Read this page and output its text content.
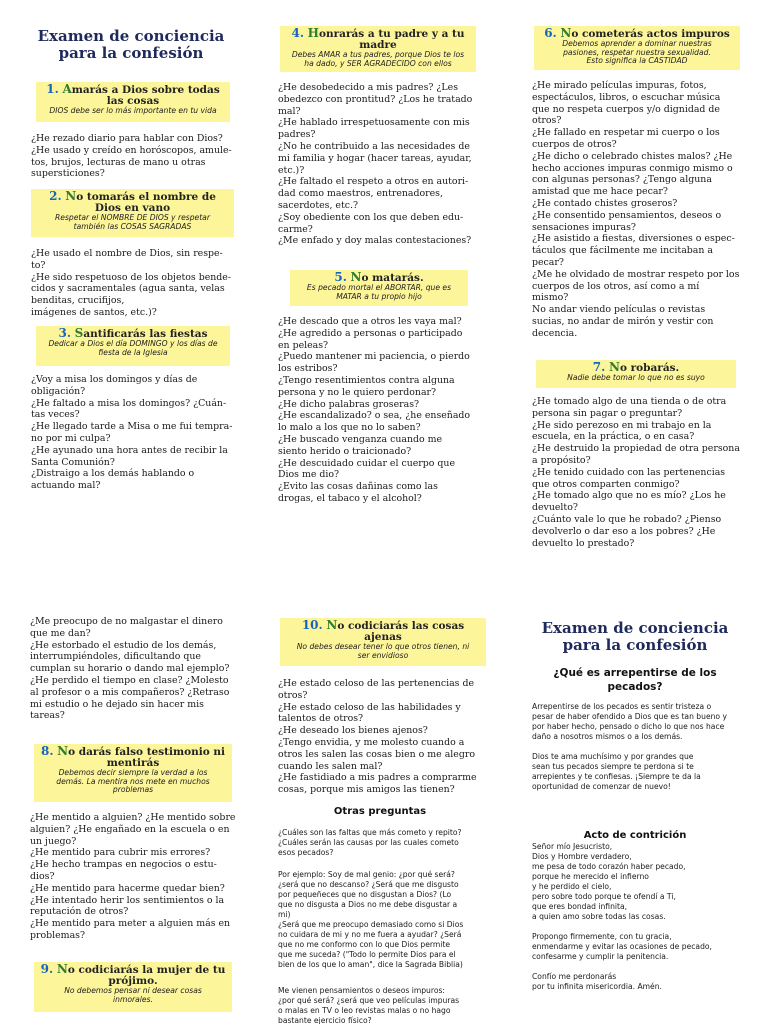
Examen de conciencia
para la confesión
1. Amarás a Dios sobre todas las cosas
DIOS debe ser lo más importante en tu vida
¿He rezado diario para hablar con Dios?
¿He usado y creído en horóscopos, amule-
tos, brujos, lecturas de mano u otras
supersticiones?
2. No tomarás el nombre de Dios en vano
Respetar el NOMBRE DE DIOS y respetar
también las COSAS SAGRADAS
¿He usado el nombre de Dios, sin respe-
to?
¿He sido respetuoso de los objetos bende-
cidos y sacramentales (agua santa, velas
benditas, crucifijos,
imágenes de santos, etc.)?
3. Santificarás las fiestas
Dedicar a Dios el día DOMINGO y los días de
fiesta de la Iglesia
¿Voy a misa los domingos y días de
obligación?
¿He faltado a misa los domingos? ¿Cuán-
tas veces?
¿He llegado tarde a Misa o me fui tempra-
no por mi culpa?
¿He ayunado una hora antes de recibir la
Santa Comunión?
¿Distraigo a los demás hablando o
actuando mal?
4. Honrarás a tu padre y a tu madre
Debes AMAR a tus padres, porque Dios te los
ha dado, y SER AGRADECIDO con ellos
¿He desobedecido a mis padres? ¿Les
obedezco con prontitud? ¿Los he tratado
mal?
¿He hablado irrespetuosamente con mis
padres?
¿No he contribuido a las necesidades de
mi familia y hogar (hacer tareas, ayudar,
etc.)?
¿He faltado el respeto a otros en autori-
dad como maestros, entrenadores,
sacerdotes, etc.?
¿Soy obediente con los que deben edu-
carme?
¿Me enfado y doy malas contestaciones?
5. No matarás.
Es pecado mortal el ABORTAR, que es
MATAR a tu propio hijo
¿He descado que a otros les vaya mal?
¿He agredido a personas o participado
en peleas?
¿Puedo mantener mi paciencia, o pierdo
los estribos?
¿Tengo resentimientos contra alguna
persona y no le quiero perdonar?
¿He dicho palabras groseras?
¿He escandalizado? o sea, ¿he enseñado
lo malo a los que no lo saben?
¿He buscado venganza cuando me
siento herido o traicionado?
¿He descuidado cuidar el cuerpo que
Dios me dio?
¿Evito las cosas dañinas como las
drogas, el tabaco y el alcohol?
6. No cometerás actos impuros
Debemos aprender a dominar nuestras
pasiones, respetar nuestra sexualidad.
Esto significa la CASTIDAD
¿He mirado películas impuras, fotos,
espectáculos, libros, o escuchar música
que no respeta cuerpos y/o dignidad de
otros?
¿He fallado en respetar mi cuerpo o los
cuerpos de otros?
¿He dicho o celebrado chistes malos? ¿He
hecho acciones impuras conmigo mismo o
con algunas personas? ¿Tengo alguna
amistad que me hace pecar?
¿He contado chistes groseros?
¿He consentido pensamientos, deseos o
sensaciones impuras?
¿He asistido a fiestas, diversiones o espec-
táculos que fácilmente me incitaban a
pecar?
¿Me he olvidado de mostrar respeto por los
cuerpos de los otros, así como a mí
mismo?
No andar viendo películas o revistas
sucias, no andar de mirón y vestir con
decencia.
7. No robarás.
Nadie debe tomar lo que no es suyo
¿He tomado algo de una tienda o de otra
persona sin pagar o preguntar?
¿He sido perezoso en mi trabajo en la
escuela, en la práctica, o en casa?
¿He destruido la propiedad de otra persona
a propósito?
¿He tenido cuidado con las pertenencias
que otros comparten conmigo?
¿He tomado algo que no es mío? ¿Los he
devuelto?
¿Cuánto vale lo que he robado? ¿Pienso
devolverlo o dar eso a los pobres? ¿He
devuelto lo prestado?
¿Me preocupo de no malgastar el dinero
que me dan?
¿He estorbado el estudio de los demás,
interrumpiéndoles, dificultando que
cumplan su horario o dando mal ejemplo?
¿He perdido el tiempo en clase? ¿Molesto
al profesor o a mis compañeros? ¿Retraso
mi estudio o he dejado sin hacer mis
tareas?
8. No darás falso testimonio ni mentirás
Debemos decir siempre la verdad a los
demás. La mentira nos mete en muchos
problemas
¿He mentido a alguien? ¿He mentido sobre
alguien? ¿He engañado en la escuela o en
un juego?
¿He mentido para cubrir mis errores?
¿He hecho trampas en negocios o estu-
dios?
¿He mentido para hacerme quedar bien?
¿He intentado herir los sentimientos o la
reputación de otros?
¿He mentido para meter a alguien más en
problemas?
9. No codiciarás la mujer de tu prójimo.
No debemos pensar ni desear cosas
inmorales.
10. No codiciarás las cosas ajenas
No debes desear tener lo que otros tienen, ni
ser envidioso
¿He estado celoso de las pertenencias de
otros?
¿He estado celoso de las habilidades y
talentos de otros?
¿He deseado los bienes ajenos?
¿Tengo envidia, y me molesto cuando a
otros les salen las cosas bien o me alegro
cuando les salen mal?
¿He fastidiado a mis padres a comprarme
cosas, porque mis amigos las tienen?
Otras preguntas
¿Cuáles son las faltas que más cometo y repito?
¿Cuáles serán las causas por las cuales cometo
esos pecados?
Por ejemplo: Soy de mal genio: ¿por qué será?
¿será que no descanso? ¿Será que me disgusto
por pequeñeces que no disgustan a Dios? (Lo
que no disgusta a Dios no me debe disgustar a
mi)
¿Será que me preocupo demasiado como si Dios
no cuidara de mi y no me fuera a ayudar? ¿Será
que no me conformo con lo que Dios permite
que me suceda? ("Todo lo permite Dios para el
bien de los que lo aman", dice la Sagrada Biblia)
Me vienen pensamientos o deseos impuros:
¿por qué será? ¿será que veo películas impuras
o malas en TV o leo revistas malas o no hago
bastante ejercicio físico?
Examen de conciencia
para la confesión
¿Qué es arrepentirse de los
pecados?
Arrepentirse de los pecados es sentir tristeza o
pesar de haber ofendido a Dios que es tan bueno y
por haber hecho, pensado o dicho lo que nos hace
daño a nosotros mismos o a los demás.
Dios te ama muchísimo y por grandes que
sean tus pecados siempre te perdona si te
arrepientes y te confiesas. ¡Siempre te da la
oportunidad de comenzar de nuevo!
Acto de contrición
Señor mío Jesucristo,
Dios y Hombre verdadero,
me pesa de todo corazón haber pecado,
porque he merecido el infierno
y he perdido el cielo,
pero sobre todo porque te ofendí a Ti,
que eres bondad infinita,
a quien amo sobre todas las cosas.
Propongo firmemente, con tu gracia,
enmendarme y evitar las ocasiones de pecado,
confesarme y cumplir la penitencia.
Confío me perdonarás
por tu infinita misericordia. Amén.
